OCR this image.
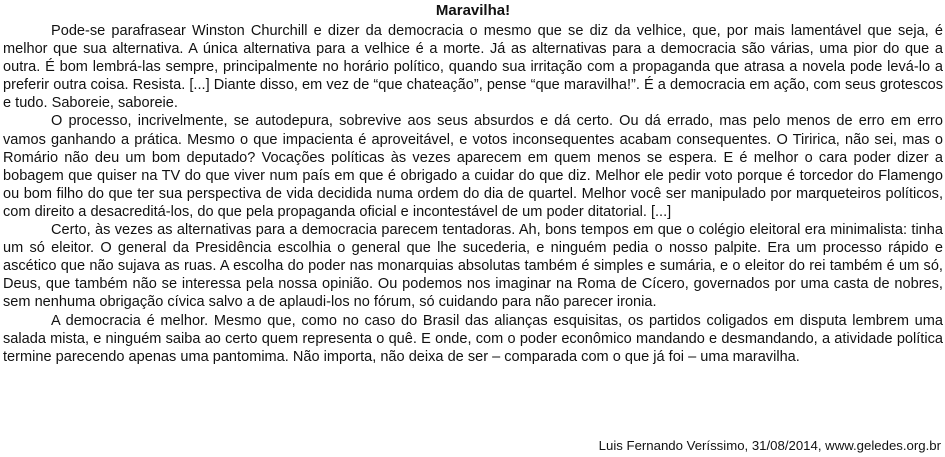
Maravilha!

Pode-se parafrasear Winston Churchill e dizer da democracia o mesmo que se diz da velhice, que, por mais lamentável que seja, é melhor que sua alternativa. A única alternativa para a velhice é a morte. Já as alternativas para a democracia são várias, uma pior do que a outra. É bom lembrá-las sempre, principalmente no horário político, quando sua irritação com a propaganda que atrasa a novela pode levá-lo a preferir outra coisa. Resista. [...] Diante disso, em vez de “que chateação”, pense “que maravilha!”. É a democracia em ação, com seus grotescos e tudo. Saboreie, saboreie.

O processo, incrivelmente, se autodepura, sobrevive aos seus absurdos e dá certo. Ou dá errado, mas pelo menos de erro em erro vamos ganhando a prática. Mesmo o que impacienta é aproveitável, e votos inconsequentes acabam consequentes. O Tiririca, não sei, mas o Romário não deu um bom deputado? Vocações políticas às vezes aparecem em quem menos se espera. E é melhor o cara poder dizer a bobagem que quiser na TV do que viver num país em que é obrigado a cuidar do que diz. Melhor ele pedir voto porque é torcedor do Flamengo ou bom filho do que ter sua perspectiva de vida decidida numa ordem do dia de quartel. Melhor você ser manipulado por marqueteiros políticos, com direito a desacreditá-los, do que pela propaganda oficial e incontestável de um poder ditatorial. [...]

Certo, às vezes as alternativas para a democracia parecem tentadoras. Ah, bons tempos em que o colégio eleitoral era minimalista: tinha um só eleitor. O general da Presidência escolhia o general que lhe sucederia, e ninguém pedia o nosso palpite. Era um processo rápido e ascético que não sujava as ruas. A escolha do poder nas monarquias absolutas também é simples e sumária, e o eleitor do rei também é um só, Deus, que também não se interessa pela nossa opinião. Ou podemos nos imaginar na Roma de Cícero, governados por uma casta de nobres, sem nenhuma obrigação cívica salvo a de aplaudi-los no fórum, só cuidando para não parecer ironia.

A democracia é melhor. Mesmo que, como no caso do Brasil das alianças esquisitas, os partidos coligados em disputa lembrem uma salada mista, e ninguém saiba ao certo quem representa o quê. E onde, com o poder econômico mandando e desmandando, a atividade política termine parecendo apenas uma pantomima. Não importa, não deixa de ser – comparada com o que já foi – uma maravilha.

Luis Fernando Veríssimo, 31/08/2014, www.geledes.org.br
